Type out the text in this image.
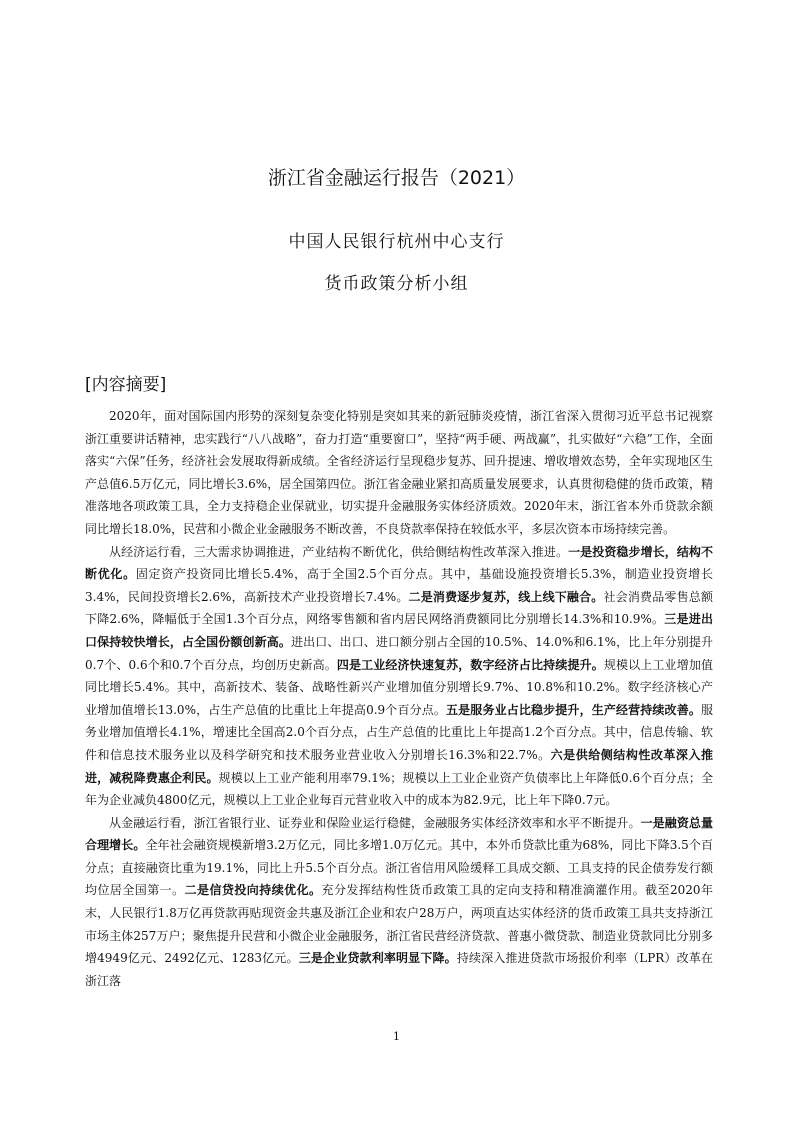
浙江省金融运行报告（2021）
中国人民银行杭州中心支行
货币政策分析小组
[内容摘要]

2020年，面对国际国内形势的深刻复杂变化特别是突如其来的新冠肺炎疫情，浙江省深入贯彻习近平总书记视察浙江重要讲话精神，忠实践行“八八战略”，奋力打造“重要窗口”，坚持“两手硬、两战赢”，扎实做好“六稳”工作，全面落实“六保”任务，经济社会发展取得新成绩。全省经济运行呈现稳步复苏、回升提速、增收增效态势，全年实现地区生产总值6.5万亿元，同比增长3.6%，居全国第四位。浙江省金融业紧扣高质量发展要求，认真贯彻稳健的货币政策，精准落地各项政策工具，全力支持稳企业保就业，切实提升金融服务实体经济质效。2020年末，浙江省本外币贷款余额同比增长18.0%，民营和小微企业金融服务不断改善，不良贷款率保持在较低水平，多层次资本市场持续完善。

从经济运行看，三大需求协调推进，产业结构不断优化，供给侧结构性改革深入推进。一是投资稳步增长，结构不断优化。固定资产投资同比增长5.4%，高于全国2.5个百分点。其中，基础设施投资增长5.3%，制造业投资增长3.4%，民间投资增长2.6%，高新技术产业投资增长7.4%。二是消费逐步复苏，线上线下融合。社会消费品零售总额下降2.6%，降幅低于全国1.3个百分点，网络零售额和省内居民网络消费额同比分别增长14.3%和10.9%。三是进出口保持较快增长，占全国份额创新高。进出口、出口、进口额分别占全国的10.5%、14.0%和6.1%，比上年分别提升0.7个、0.6个和0.7个百分点，均创历史新高。四是工业经济快速复苏，数字经济占比持续提升。规模以上工业增加值同比增长5.4%。其中，高新技术、装备、战略性新兴产业增加值分别增长9.7%、10.8%和10.2%。数字经济核心产业增加值增长13.0%，占生产总值的比重比上年提高0.9个百分点。五是服务业占比稳步提升，生产经营持续改善。服务业增加值增长4.1%，增速比全国高2.0个百分点，占生产总值的比重比上年提高1.2个百分点。其中，信息传输、软件和信息技术服务业以及科学研究和技术服务业营业收入分别增长16.3%和22.7%。六是供给侧结构性改革深入推进，减税降费惠企利民。规模以上工业产能利用率79.1%；规模以上工业企业资产负债率比上年降低0.6个百分点；全年为企业减负4800亿元，规模以上工业企业每百元营业收入中的成本为82.9元，比上年下降0.7元。

从金融运行看，浙江省银行业、证券业和保险业运行稳健，金融服务实体经济效率和水平不断提升。一是融资总量合理增长。全年社会融资规模新增3.2万亿元，同比多增1.0万亿元。其中，本外币贷款比重为68%，同比下降3.5个百分点；直接融资比重为19.1%，同比上升5.5个百分点。浙江省信用风险缓释工具成交额、工具支持的民企债券发行额均位居全国第一。二是信贷投向持续优化。充分发挥结构性货币政策工具的定向支持和精准滴灌作用。截至2020年末，人民银行1.8万亿再贷款再贴现资金共惠及浙江企业和农户28万户，两项直达实体经济的货币政策工具共支持浙江市场主体257万户；聚焦提升民营和小微企业金融服务，浙江省民营经济贷款、普惠小微贷款、制造业贷款同比分别多增4949亿元、2492亿元、1283亿元。三是企业贷款利率明显下降。持续深入推进贷款市场报价利率（LPR）改革在浙江落

1
